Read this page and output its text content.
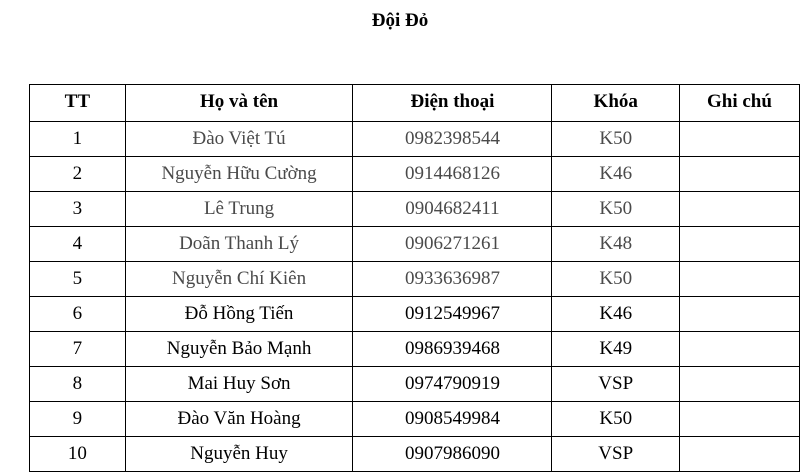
Đội Đỏ
TT	Họ và tên	Điện thoại	Khóa	Ghi chú
1	Đào Việt Tú	0982398544	K50	
2	Nguyễn Hữu Cường	0914468126	K46	
3	Lê Trung	0904682411	K50	
4	Doãn Thanh Lý	0906271261	K48	
5	Nguyễn Chí Kiên	0933636987	K50	
6	Đỗ Hồng Tiến	0912549967	K46	
7	Nguyễn Bảo Mạnh	0986939468	K49	
8	Mai Huy Sơn	0974790919	VSP	
9	Đào Văn Hoàng	0908549984	K50	
10	Nguyễn Huy	0907986090	VSP	
